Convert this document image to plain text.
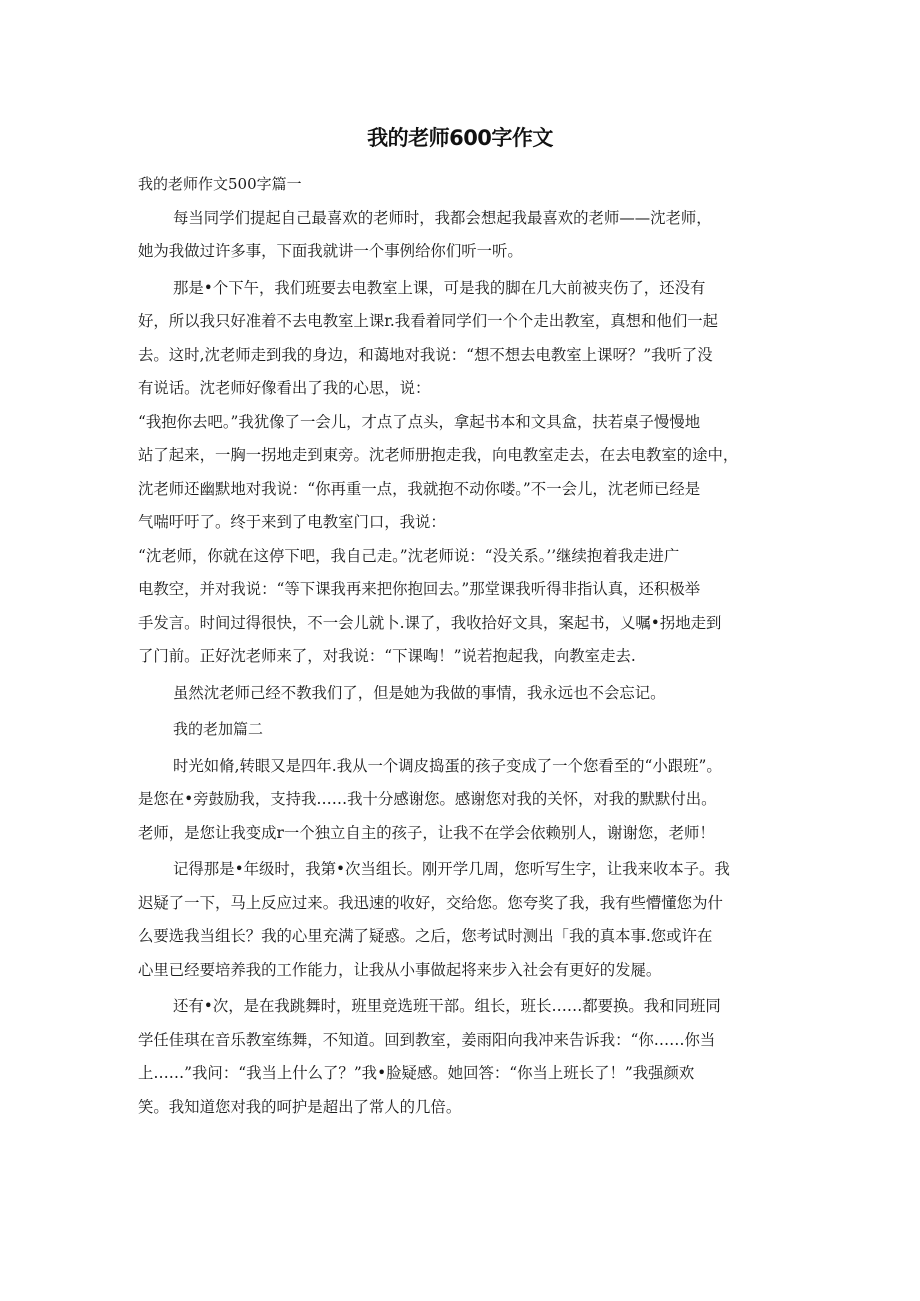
我的老师600字作文

我的老师作文500字篇一

每当同学们提起自己最喜欢的老师时，我都会想起我最喜欢的老师——沈老师，

她为我做过许多事，下面我就讲一个事例给你们听一听。

那是•个下午，我们班要去电教室上课，可是我的脚在几大前被夹伤了，还没有

好，所以我只好准着不去电教室上课r.我看着同学们一个个走出教室，真想和他们一起

去。这时,沈老师走到我的身边，和蔼地对我说：“想不想去电教室上课呀？”我听了没

有说话。沈老师好像看出了我的心思，说：

“我抱你去吧。”我犹像了一会儿，才点了点头，拿起书本和文具盒，扶若桌子慢慢地

站了起来，一胸一拐地走到東旁。沈老师册抱走我，向电教室走去，在去电教室的途中，

沈老师还幽默地对我说：“你再重一点，我就抱不动你喽。”不一会儿，沈老师已经是

气喘吁吁了。终于来到了电教室门口，我说：

“沈老师，你就在这停下吧，我自己走。”沈老师说：“没关系。’’继续抱着我走进广

电教空，并对我说：“等下课我再来把你抱回去。”那堂课我听得非指认真，还积极举

手发言。时间过得很快，不一会儿就卜.课了，我收拾好文具，案起书，乂嘱•拐地走到

了门前。正好沈老师来了，对我说：“下课啕！”说若抱起我，向教室走去.

虽然沈老师己经不教我们了，但是她为我做的事情，我永远也不会忘记。

我的老加篇二

时光如脩,转眼又是四年.我从一个调皮捣蛋的孩子变成了一个您看至的“小跟班”。

是您在•旁鼓励我，支持我……我十分感谢您。感谢您对我的关怀，对我的默默付出。

老师，是您让我变成r一个独立自主的孩子，让我不在学会依赖别人，谢谢您，老师！

记得那是•年级时，我第•次当组长。刚开学几周，您听写生字，让我来收本子。我

迟疑了一下，马上反应过来。我迅速的收好，交给您。您夸奖了我，我有些懵懂您为什

么要选我当组长？我的心里充满了疑惑。之后，您考试时测出「我的真本事.您或许在

心里已经要培养我的工作能力，让我从小事做起将来步入社会有更好的发屣。

还有•次，是在我跳舞时，班里竞选班干部。组长，班长……都要换。我和同班同

学任佳琪在音乐教室练舞，不知道。回到教室，姜雨阳向我冲来告诉我：“你……你当

上……”我问：“我当上什么了？”我•脸疑感。她回答：“你当上班长了！”我强颜欢

笑。我知道您对我的呵护是超出了常人的几倍。
